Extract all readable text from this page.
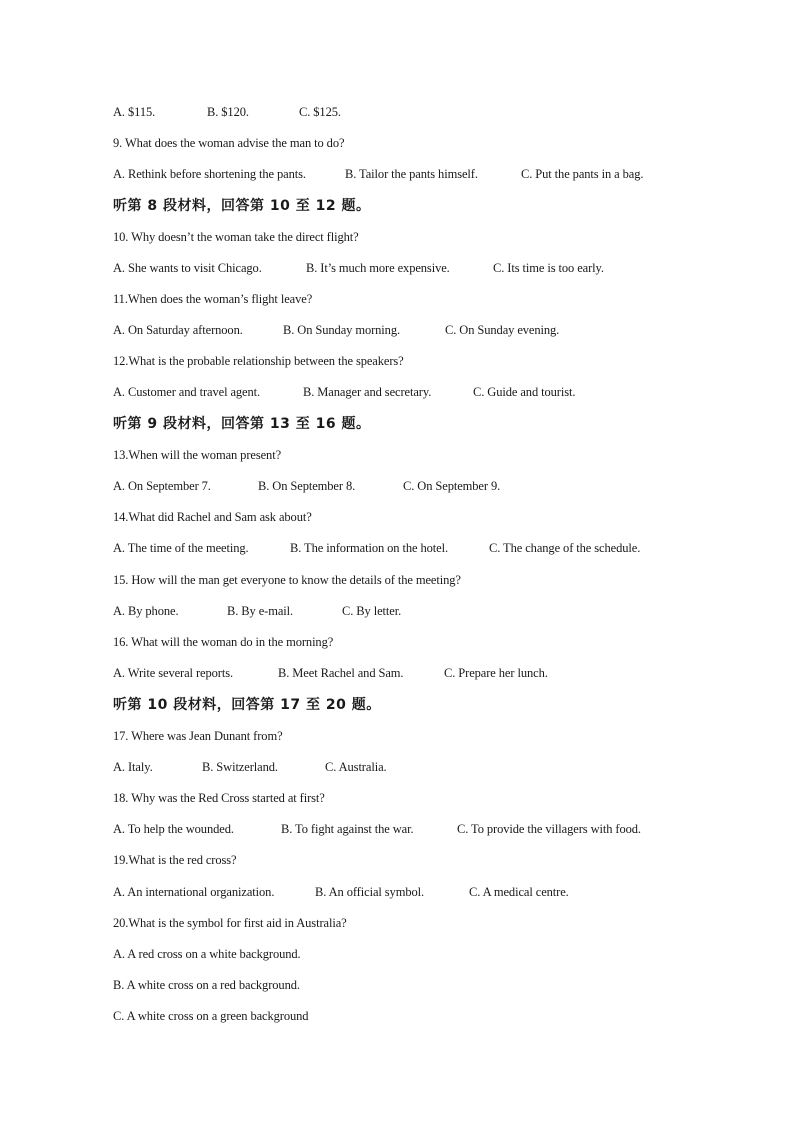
A. $115.	B. $120.	C. $125.
9. What does the woman advise the man to do?
A. Rethink before shortening the pants.	B. Tailor the pants himself.	C. Put the pants in a bag.
听第 8 段材料，回答第 10 至 12 题。
10. Why doesn’t the woman take the direct flight?
A. She wants to visit Chicago.	B. It’s much more expensive.	C. Its time is too early.
11.When does the woman’s flight leave?
A. On Saturday afternoon.	B. On Sunday morning.	C. On Sunday evening.
12.What is the probable relationship between the speakers?
A. Customer and travel agent.	B. Manager and secretary.	C. Guide and tourist.
听第 9 段材料，回答第 13 至 16 题。
13.When will the woman present?
A. On September 7.	B. On September 8.	C. On September 9.
14.What did Rachel and Sam ask about?
A. The time of the meeting.	B. The information on the hotel.	C. The change of the schedule.
15. How will the man get everyone to know the details of the meeting?
A. By phone.	B. By e-mail.	C. By letter.
16. What will the woman do in the morning?
A. Write several reports.	B. Meet Rachel and Sam.	C. Prepare her lunch.
听第 10 段材料，回答第 17 至 20 题。
17. Where was Jean Dunant from?
A. Italy.	B. Switzerland.	C. Australia.
18. Why was the Red Cross started at first?
A. To help the wounded.	B. To fight against the war.	C. To provide the villagers with food.
19.What is the red cross?
A. An international organization.	B. An official symbol.	C. A medical centre.
20.What is the symbol for first aid in Australia?
A. A red cross on a white background.
B. A white cross on a red background.
C. A white cross on a green background
